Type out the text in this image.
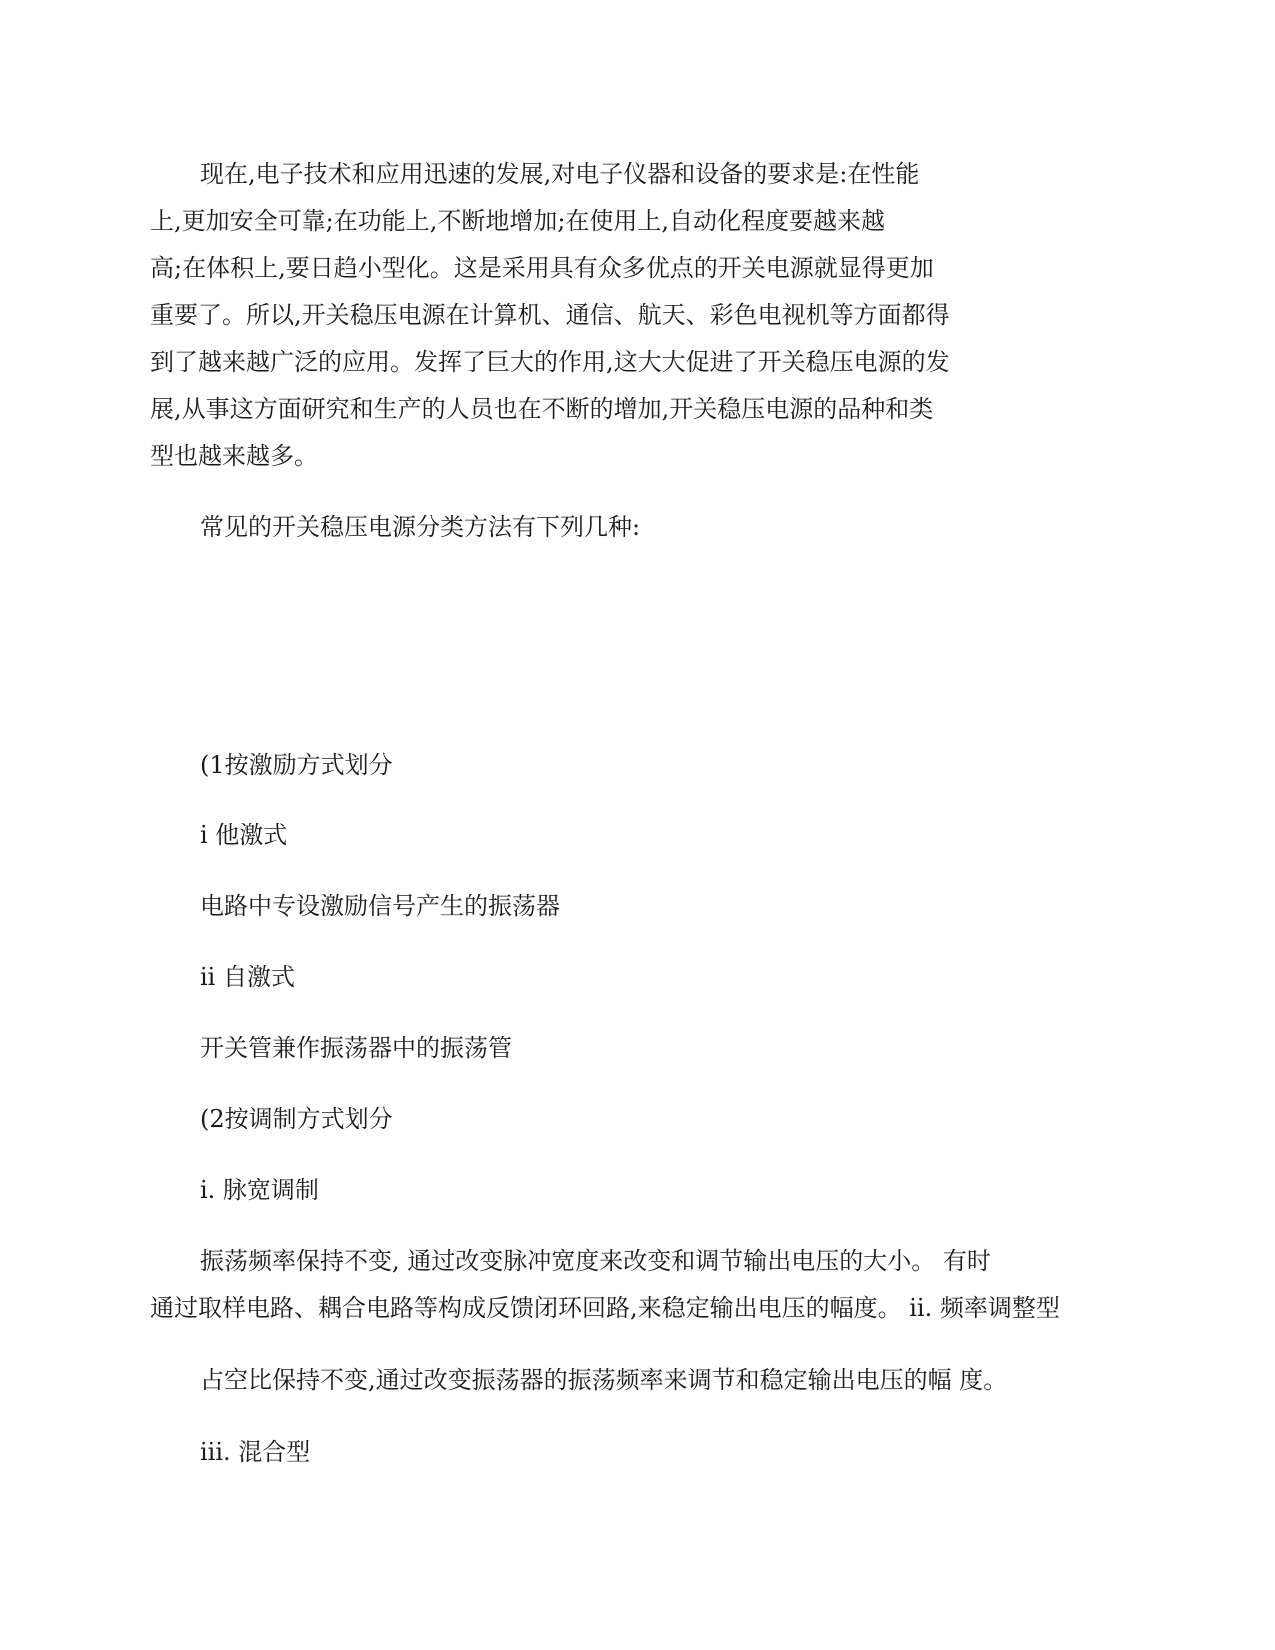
现在,电子技术和应用迅速的发展,对电子仪器和设备的要求是:在性能
上,更加安全可靠;在功能上,不断地增加;在使用上,自动化程度要越来越
高;在体积上,要日趋小型化。这是采用具有众多优点的开关电源就显得更加
重要了。所以,开关稳压电源在计算机、通信、航天、彩色电视机等方面都得
到了越来越广泛的应用。发挥了巨大的作用,这大大促进了开关稳压电源的发
展,从事这方面研究和生产的人员也在不断的增加,开关稳压电源的品种和类
型也越来越多。
常见的开关稳压电源分类方法有下列几种:
(1按激励方式划分
i 他激式
电路中专设激励信号产生的振荡器
ii 自激式
开关管兼作振荡器中的振荡管
(2按调制方式划分
i. 脉宽调制
振荡频率保持不变, 通过改变脉冲宽度来改变和调节输出电压的大小。 有时
通过取样电路、耦合电路等构成反馈闭环回路,来稳定输出电压的幅度。 ii. 频率调整型
占空比保持不变,通过改变振荡器的振荡频率来调节和稳定输出电压的幅 度。
iii. 混合型
